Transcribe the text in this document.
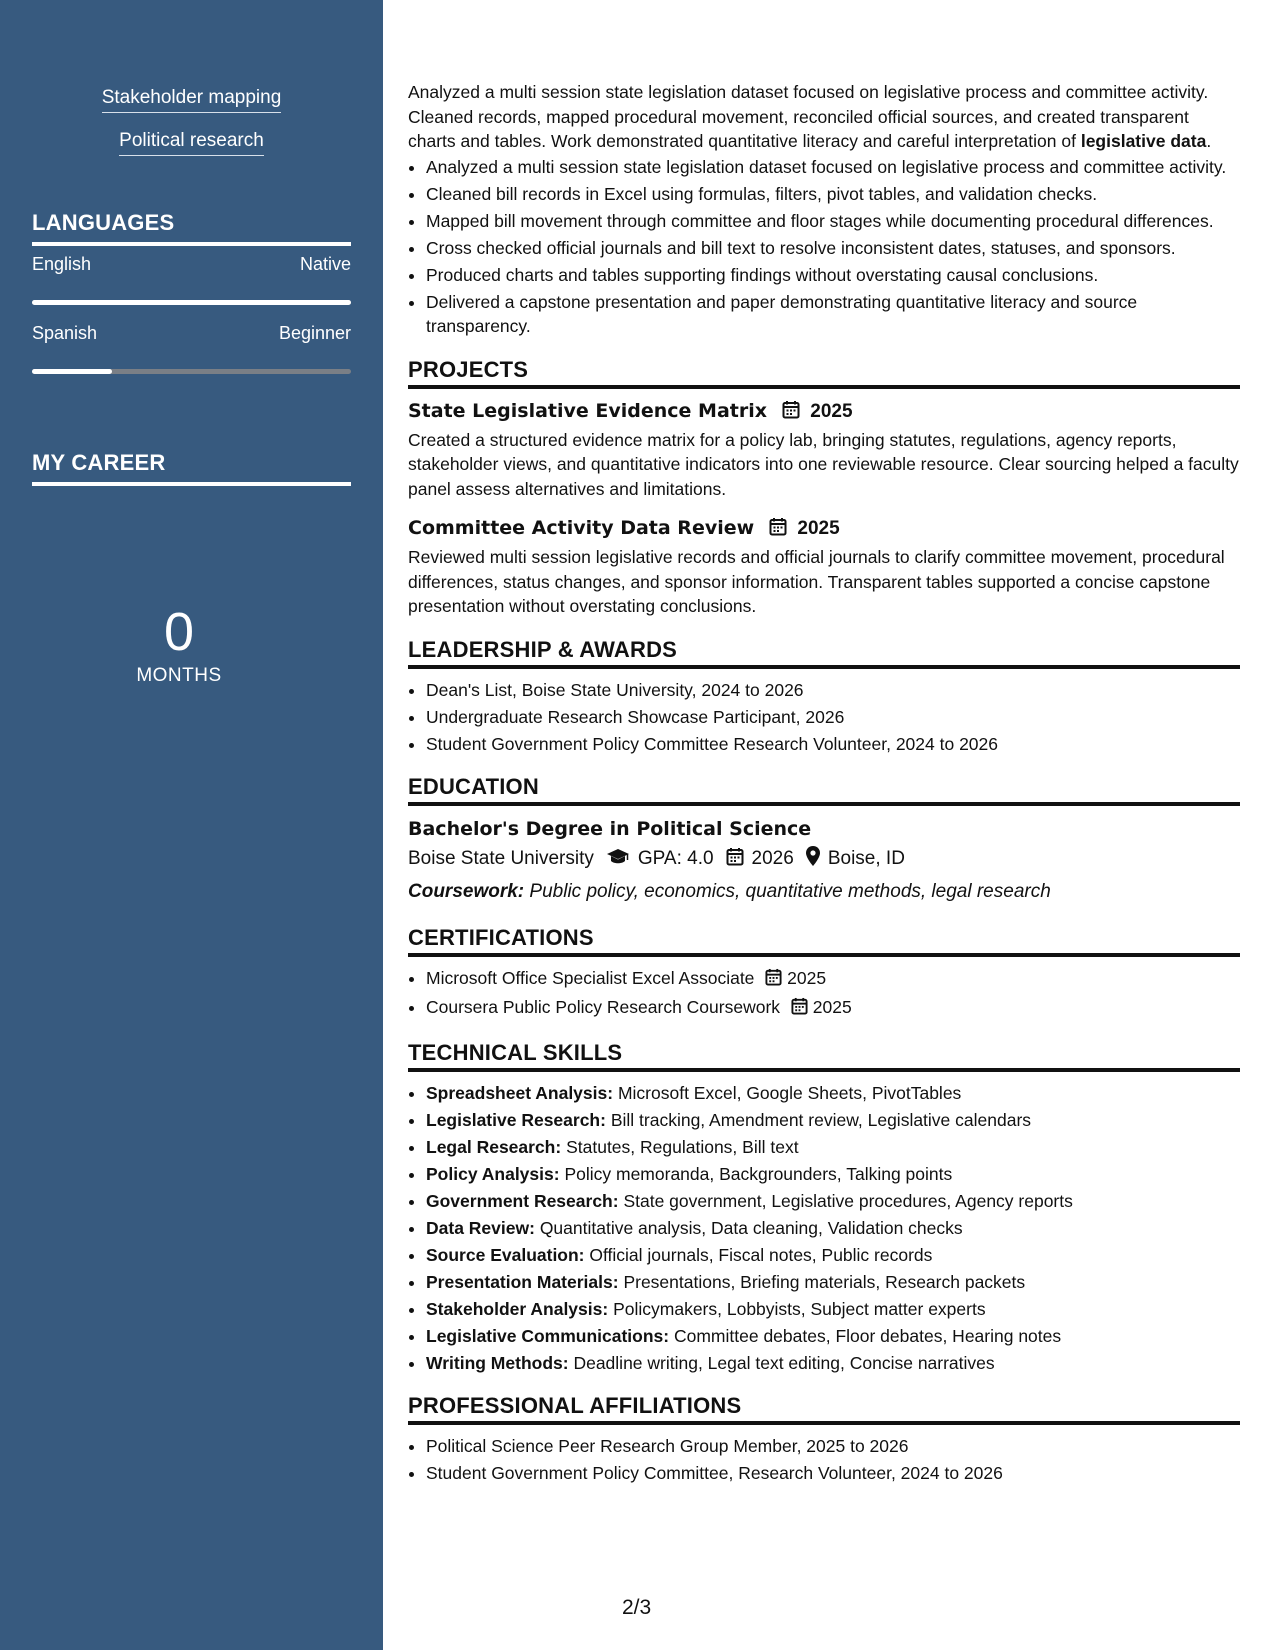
Stakeholder mapping
Political research
LANGUAGES
English	Native
Spanish	Beginner
MY CAREER
0
MONTHS

Analyzed a multi session state legislation dataset focused on legislative process and committee activity. Cleaned records, mapped procedural movement, reconciled official sources, and created transparent charts and tables. Work demonstrated quantitative literacy and careful interpretation of legislative data.

• Analyzed a multi session state legislation dataset focused on legislative process and committee activity.
• Cleaned bill records in Excel using formulas, filters, pivot tables, and validation checks.
• Mapped bill movement through committee and floor stages while documenting procedural differences.
• Cross checked official journals and bill text to resolve inconsistent dates, statuses, and sponsors.
• Produced charts and tables supporting findings without overstating causal conclusions.
• Delivered a capstone presentation and paper demonstrating quantitative literacy and source transparency.
PROJECTS
State Legislative Evidence Matrix 2025
Created a structured evidence matrix for a policy lab, bringing statutes, regulations, agency reports, stakeholder views, and quantitative indicators into one reviewable resource. Clear sourcing helped a faculty panel assess alternatives and limitations.
Committee Activity Data Review 2025
Reviewed multi session legislative records and official journals to clarify committee movement, procedural differences, status changes, and sponsor information. Transparent tables supported a concise capstone presentation without overstating conclusions.
LEADERSHIP & AWARDS
• Dean's List, Boise State University, 2024 to 2026
• Undergraduate Research Showcase Participant, 2026
• Student Government Policy Committee Research Volunteer, 2024 to 2026
EDUCATION
Bachelor's Degree in Political Science
Boise State University GPA: 4.0 2026 Boise, ID
Coursework: Public policy, economics, quantitative methods, legal research
CERTIFICATIONS
• Microsoft Office Specialist Excel Associate 2025
• Coursera Public Policy Research Coursework 2025
TECHNICAL SKILLS
• Spreadsheet Analysis: Microsoft Excel, Google Sheets, PivotTables
• Legislative Research: Bill tracking, Amendment review, Legislative calendars
• Legal Research: Statutes, Regulations, Bill text
• Policy Analysis: Policy memoranda, Backgrounders, Talking points
• Government Research: State government, Legislative procedures, Agency reports
• Data Review: Quantitative analysis, Data cleaning, Validation checks
• Source Evaluation: Official journals, Fiscal notes, Public records
• Presentation Materials: Presentations, Briefing materials, Research packets
• Stakeholder Analysis: Policymakers, Lobbyists, Subject matter experts
• Legislative Communications: Committee debates, Floor debates, Hearing notes
• Writing Methods: Deadline writing, Legal text editing, Concise narratives
PROFESSIONAL AFFILIATIONS
• Political Science Peer Research Group Member, 2025 to 2026
• Student Government Policy Committee, Research Volunteer, 2024 to 2026
2/3
